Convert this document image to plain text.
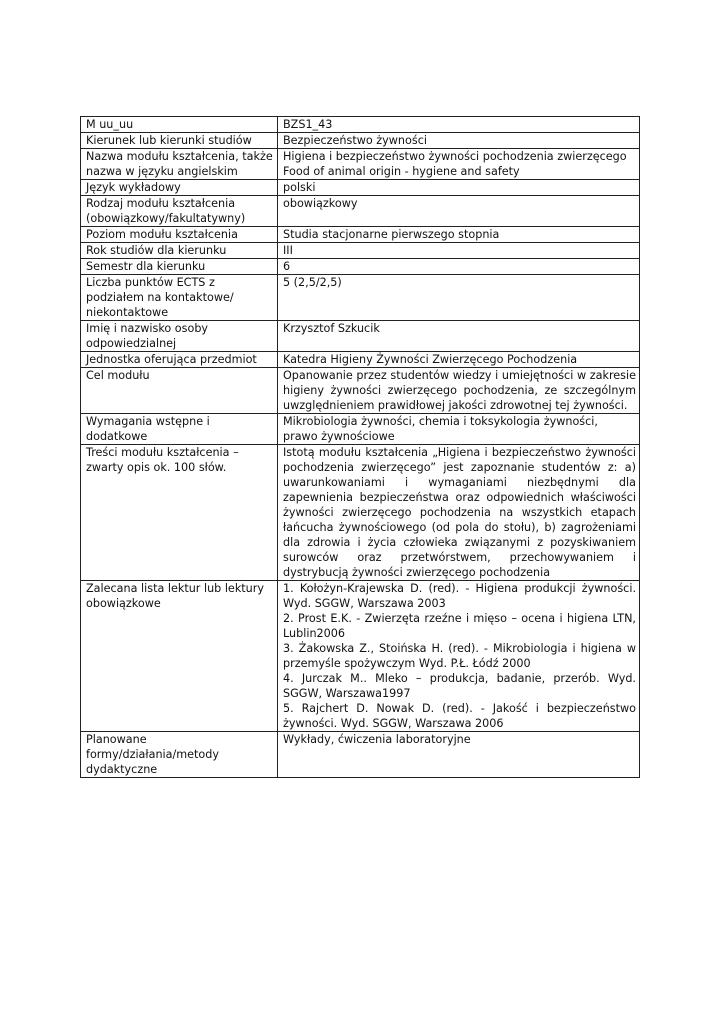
M uu_uu	BZS1_43
Kierunek lub kierunki studiów	Bezpieczeństwo żywności
Nazwa modułu kształcenia, także nazwa w języku angielskim	Higiena i bezpieczeństwo żywności pochodzenia zwierzęcego
Food of animal origin - hygiene and safety

Język wykładowy	polski
Rodzaj modułu kształcenia (obowiązkowy/fakultatywny)	obowiązkowy
Poziom modułu kształcenia	Studia stacjonarne pierwszego stopnia
Rok studiów dla kierunku	III
Semestr dla kierunku	6
Liczba punktów ECTS z podziałem na kontaktowe/ niekontaktowe	5 (2,5/2,5)
Imię i nazwisko osoby odpowiedzialnej	Krzysztof Szkucik
Jednostka oferująca przedmiot	Katedra Higieny Żywności Zwierzęcego Pochodzenia
Cel modułu	Opanowanie przez studentów wiedzy i umiejętności w zakresie higieny żywności zwierzęcego pochodzenia, ze szczególnym uwzględnieniem prawidłowej jakości zdrowotnej tej żywności.
Wymagania wstępne i dodatkowe	Mikrobiologia żywności, chemia i toksykologia żywności, prawo żywnościowe
Treści modułu kształcenia – zwarty opis ok. 100 słów.	Istotą modułu kształcenia „Higiena i bezpieczeństwo żywności pochodzenia zwierzęcego” jest zapoznanie studentów z: a) uwarunkowaniami i wymaganiami niezbędnymi dla zapewnienia bezpieczeństwa oraz odpowiednich właściwości żywności zwierzęcego pochodzenia na wszystkich etapach łańcucha żywnościowego (od pola do stołu), b) zagrożeniami dla zdrowia i życia człowieka związanymi z pozyskiwaniem surowców oraz przetwórstwem, przechowywaniem i dystrybucją żywności zwierzęcego pochodzenia
Zalecana lista lektur lub lektury obowiązkowe	1. Kołożyn-Krajewska D. (red). - Higiena produkcji żywności. Wyd. SGGW, Warszawa 2003
2. Prost E.K. - Zwierzęta rzeźne i mięso – ocena i higiena LTN, Lublin2006
3. Żakowska Z., Stoińska H. (red). - Mikrobiologia i higiena w przemyśle spożywczym Wyd. P.Ł. Łódź 2000
4. Jurczak M.. Mleko – produkcja, badanie, przerób. Wyd. SGGW, Warszawa1997
5. Rajchert D. Nowak D. (red). - Jakość i bezpieczeństwo żywności. Wyd. SGGW, Warszawa 2006

Planowane formy/działania/metody dydaktyczne	Wykłady, ćwiczenia laboratoryjne
